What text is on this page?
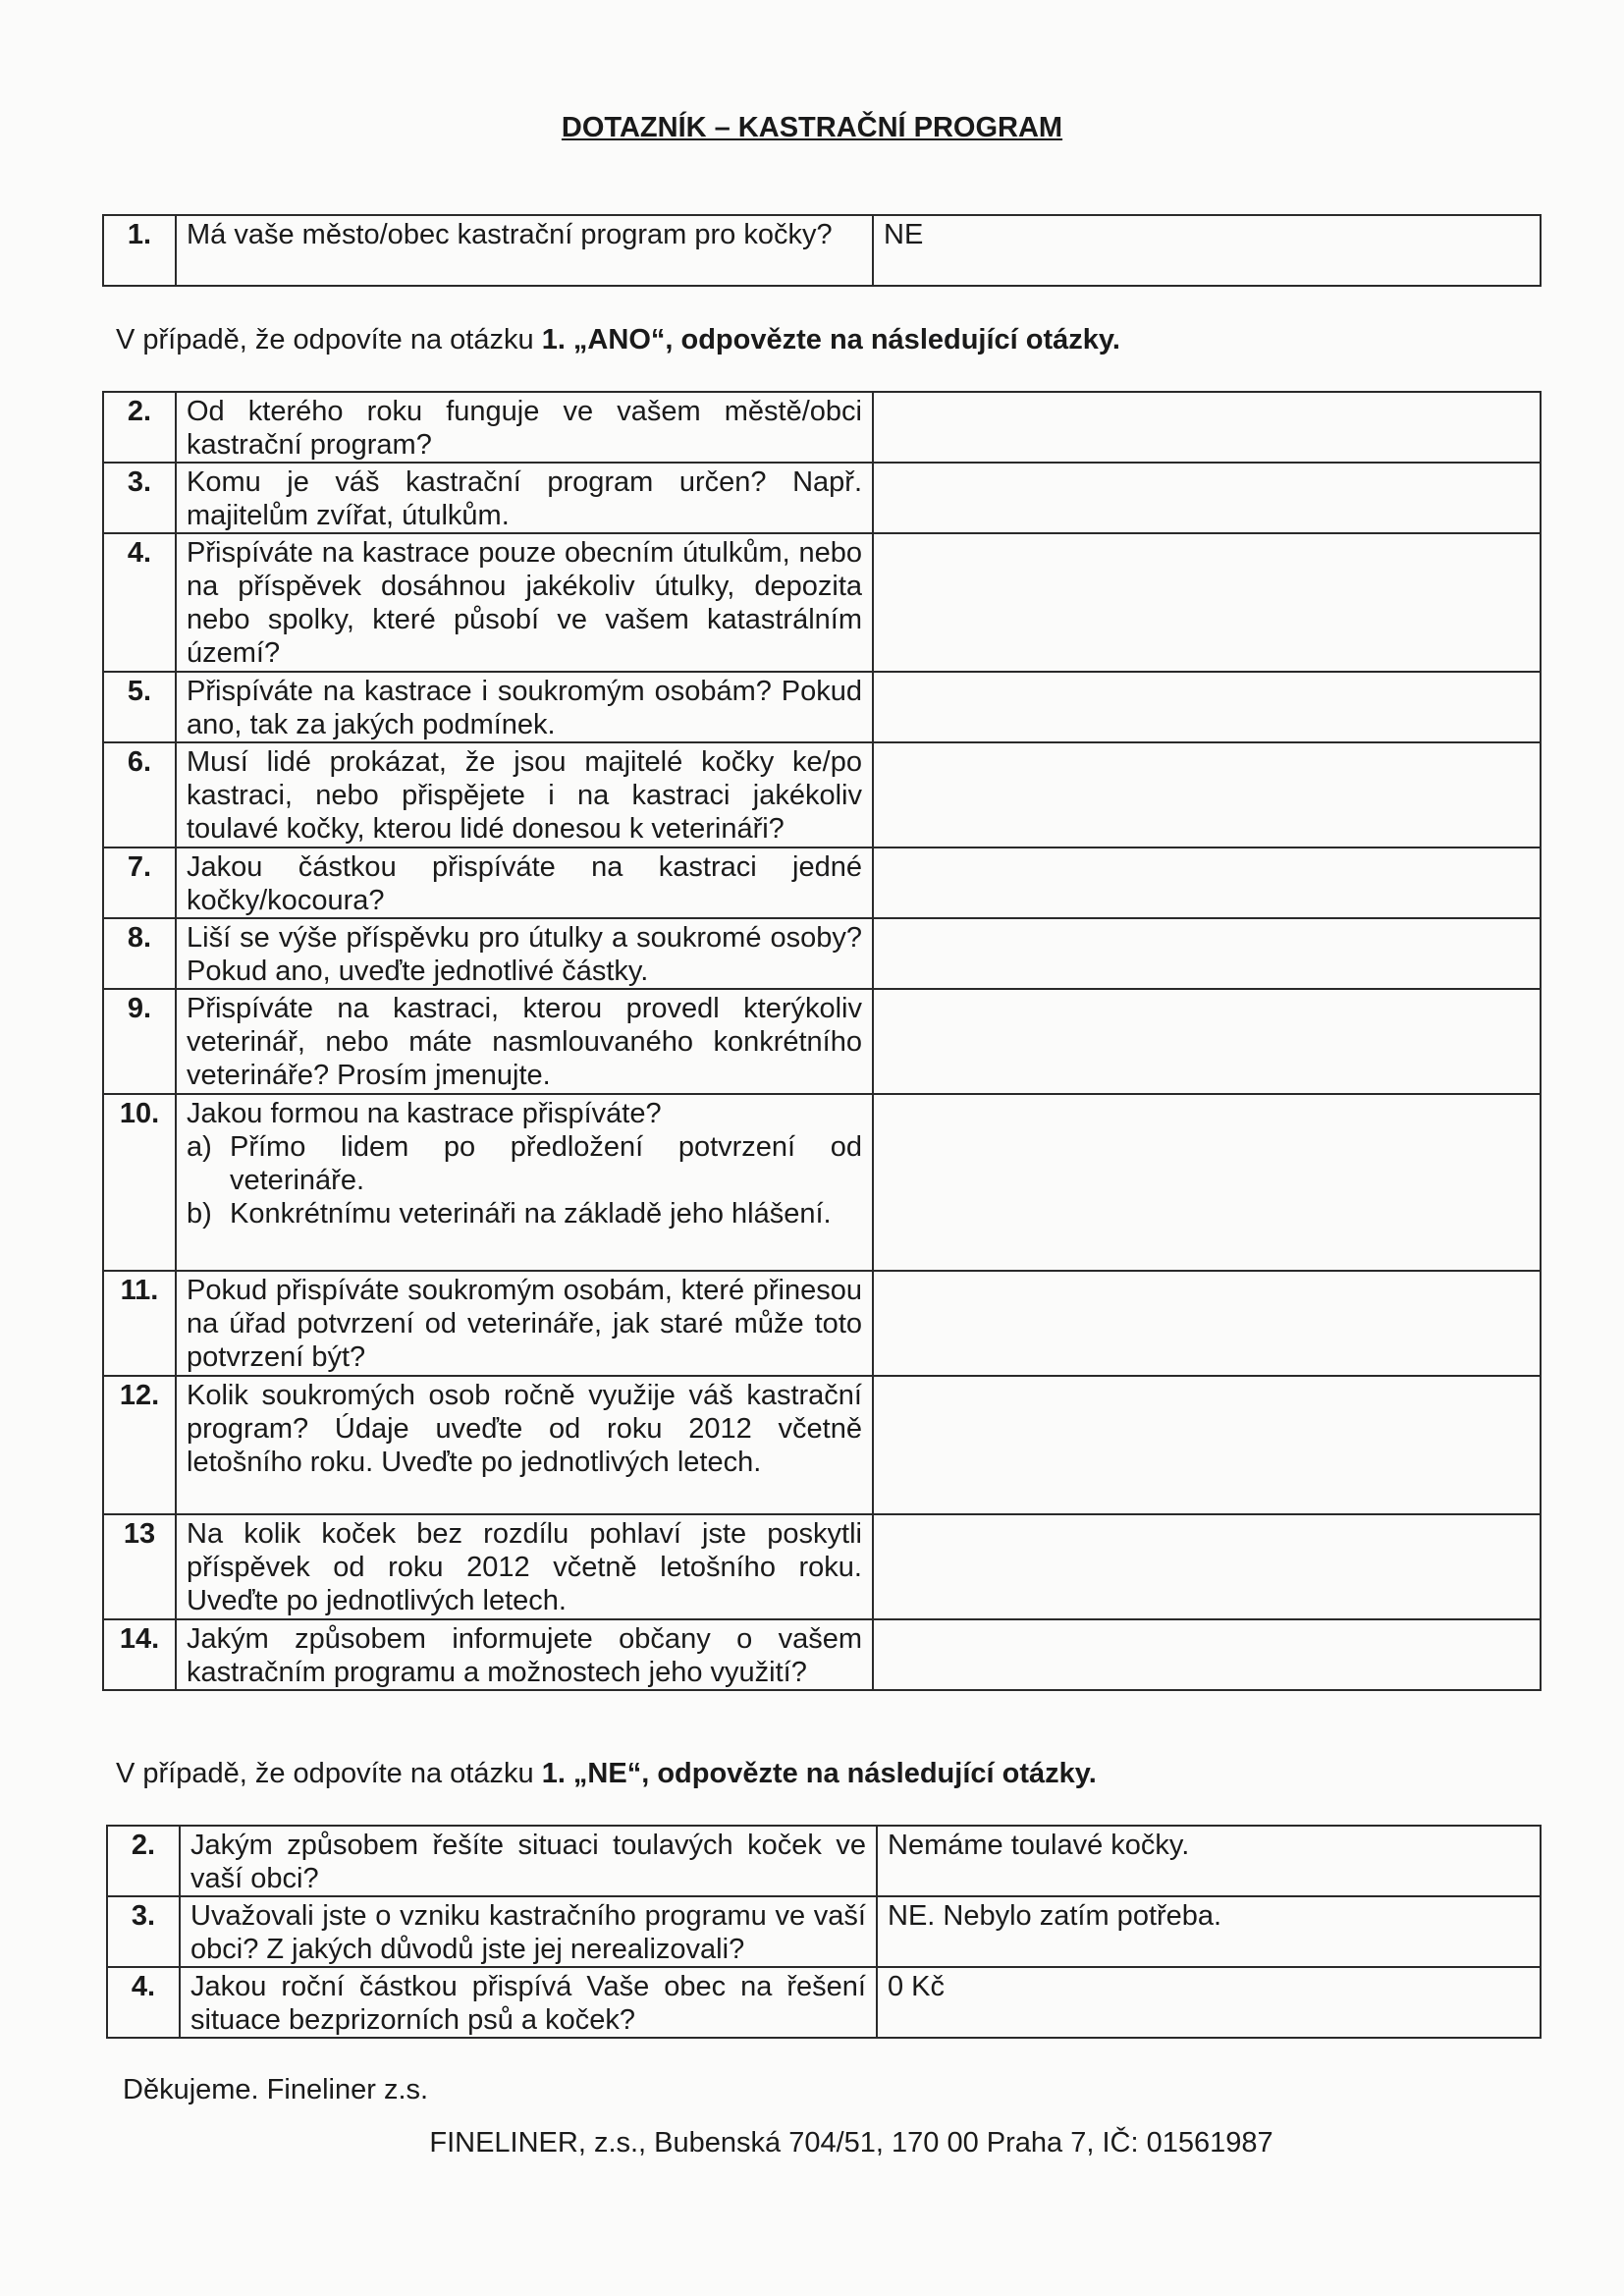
DOTAZNÍK – KASTRAČNÍ PROGRAM
1.	Má vaše město/obec kastrační program pro kočky?	NE
V případě, že odpovíte na otázku 1. „ANO“, odpovězte na následující otázky.
2.	Od kterého roku funguje ve vašem městě/obci kastrační program?	
3.	Komu je váš kastrační program určen? Např. majitelům zvířat, útulkům.	
4.	Přispíváte na kastrace pouze obecním útulkům, nebo na příspěvek dosáhnou jakékoliv útulky, depozita nebo spolky, které působí ve vašem katastrálním území?	
5.	Přispíváte na kastrace i soukromým osobám? Pokud ano, tak za jakých podmínek.	
6.	Musí lidé prokázat, že jsou majitelé kočky ke/po kastraci, nebo přispějete i na kastraci jakékoliv toulavé kočky, kterou lidé donesou k veterináři?	
7.	Jakou částkou přispíváte na kastraci jedné kočky/kocoura?	
8.	Liší se výše příspěvku pro útulky a soukromé osoby? Pokud ano, uveďte jednotlivé částky.	
9.	Přispíváte na kastraci, kterou provedl kterýkoliv veterinář, nebo máte nasmlouvaného konkrétního veterináře? Prosím jmenujte.	
10.	Jakou formou na kastrace přispíváte?
a) Přímo lidem po předložení potvrzení od veterináře.
b) Konkrétnímu veterináři na základě jeho hlášení.	

11.	Pokud přispíváte soukromým osobám, které přinesou na úřad potvrzení od veterináře, jak staré může toto potvrzení být?	
12.	Kolik soukromých osob ročně využije váš kastrační program? Údaje uveďte od roku 2012 včetně letošního roku. Uveďte po jednotlivých letech.	
13	Na kolik koček bez rozdílu pohlaví jste poskytli příspěvek od roku 2012 včetně letošního roku. Uveďte po jednotlivých letech.	
14.	Jakým způsobem informujete občany o vašem kastračním programu a možnostech jeho využití?	
V případě, že odpovíte na otázku 1. „NE“, odpovězte na následující otázky.
2.	Jakým způsobem řešíte situaci toulavých koček ve vaší obci?	Nemáme toulavé kočky.
3.	Uvažovali jste o vzniku kastračního programu ve vaší obci? Z jakých důvodů jste jej nerealizovali?	NE. Nebylo zatím potřeba.
4.	Jakou roční částkou přispívá Vaše obec na řešení situace bezprizorních psů a koček?	0 Kč
Děkujeme. Fineliner z.s.
FINELINER, z.s., Bubenská 704/51, 170 00 Praha 7, IČ: 01561987
